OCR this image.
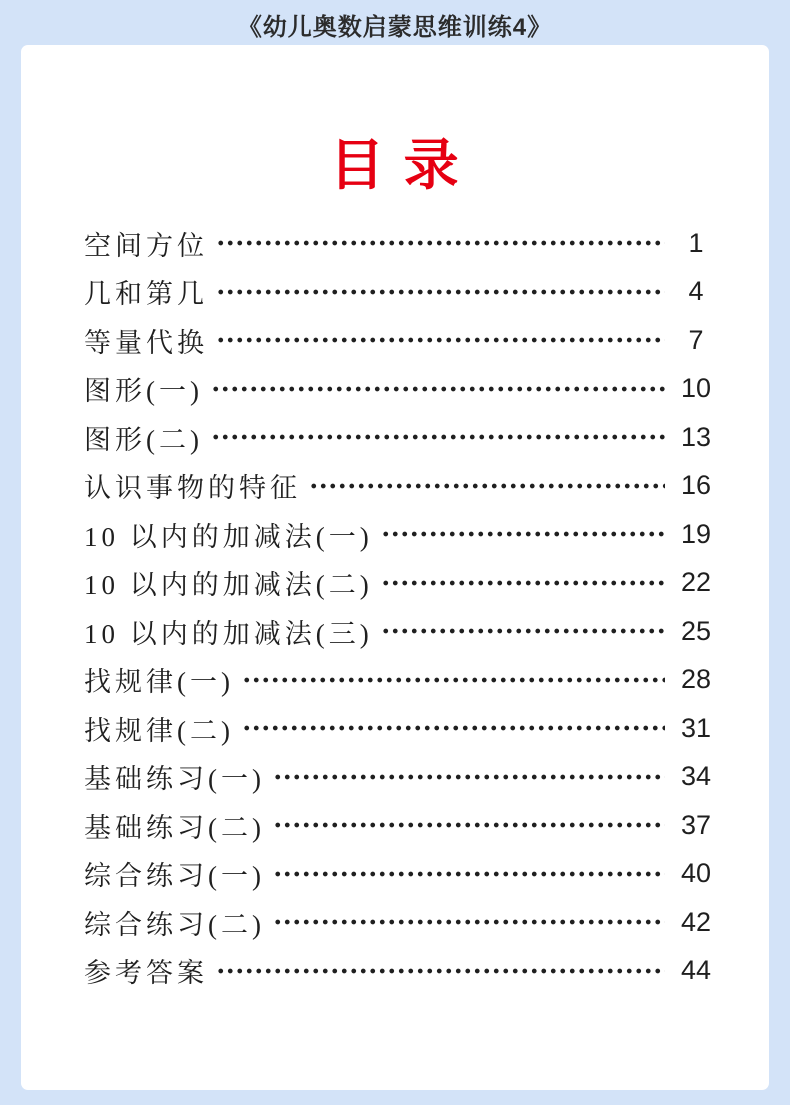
《幼儿奥数启蒙思维训练4》
目 录
空间方位	1
几和第几	4
等量代换	7
图形(一)	10
图形(二)	13
认识事物的特征	16
10 以内的加减法(一)	19
10 以内的加减法(二)	22
10 以内的加减法(三)	25
找规律(一)	28
找规律(二)	31
基础练习(一)	34
基础练习(二)	37
综合练习(一)	40
综合练习(二)	42
参考答案	44
